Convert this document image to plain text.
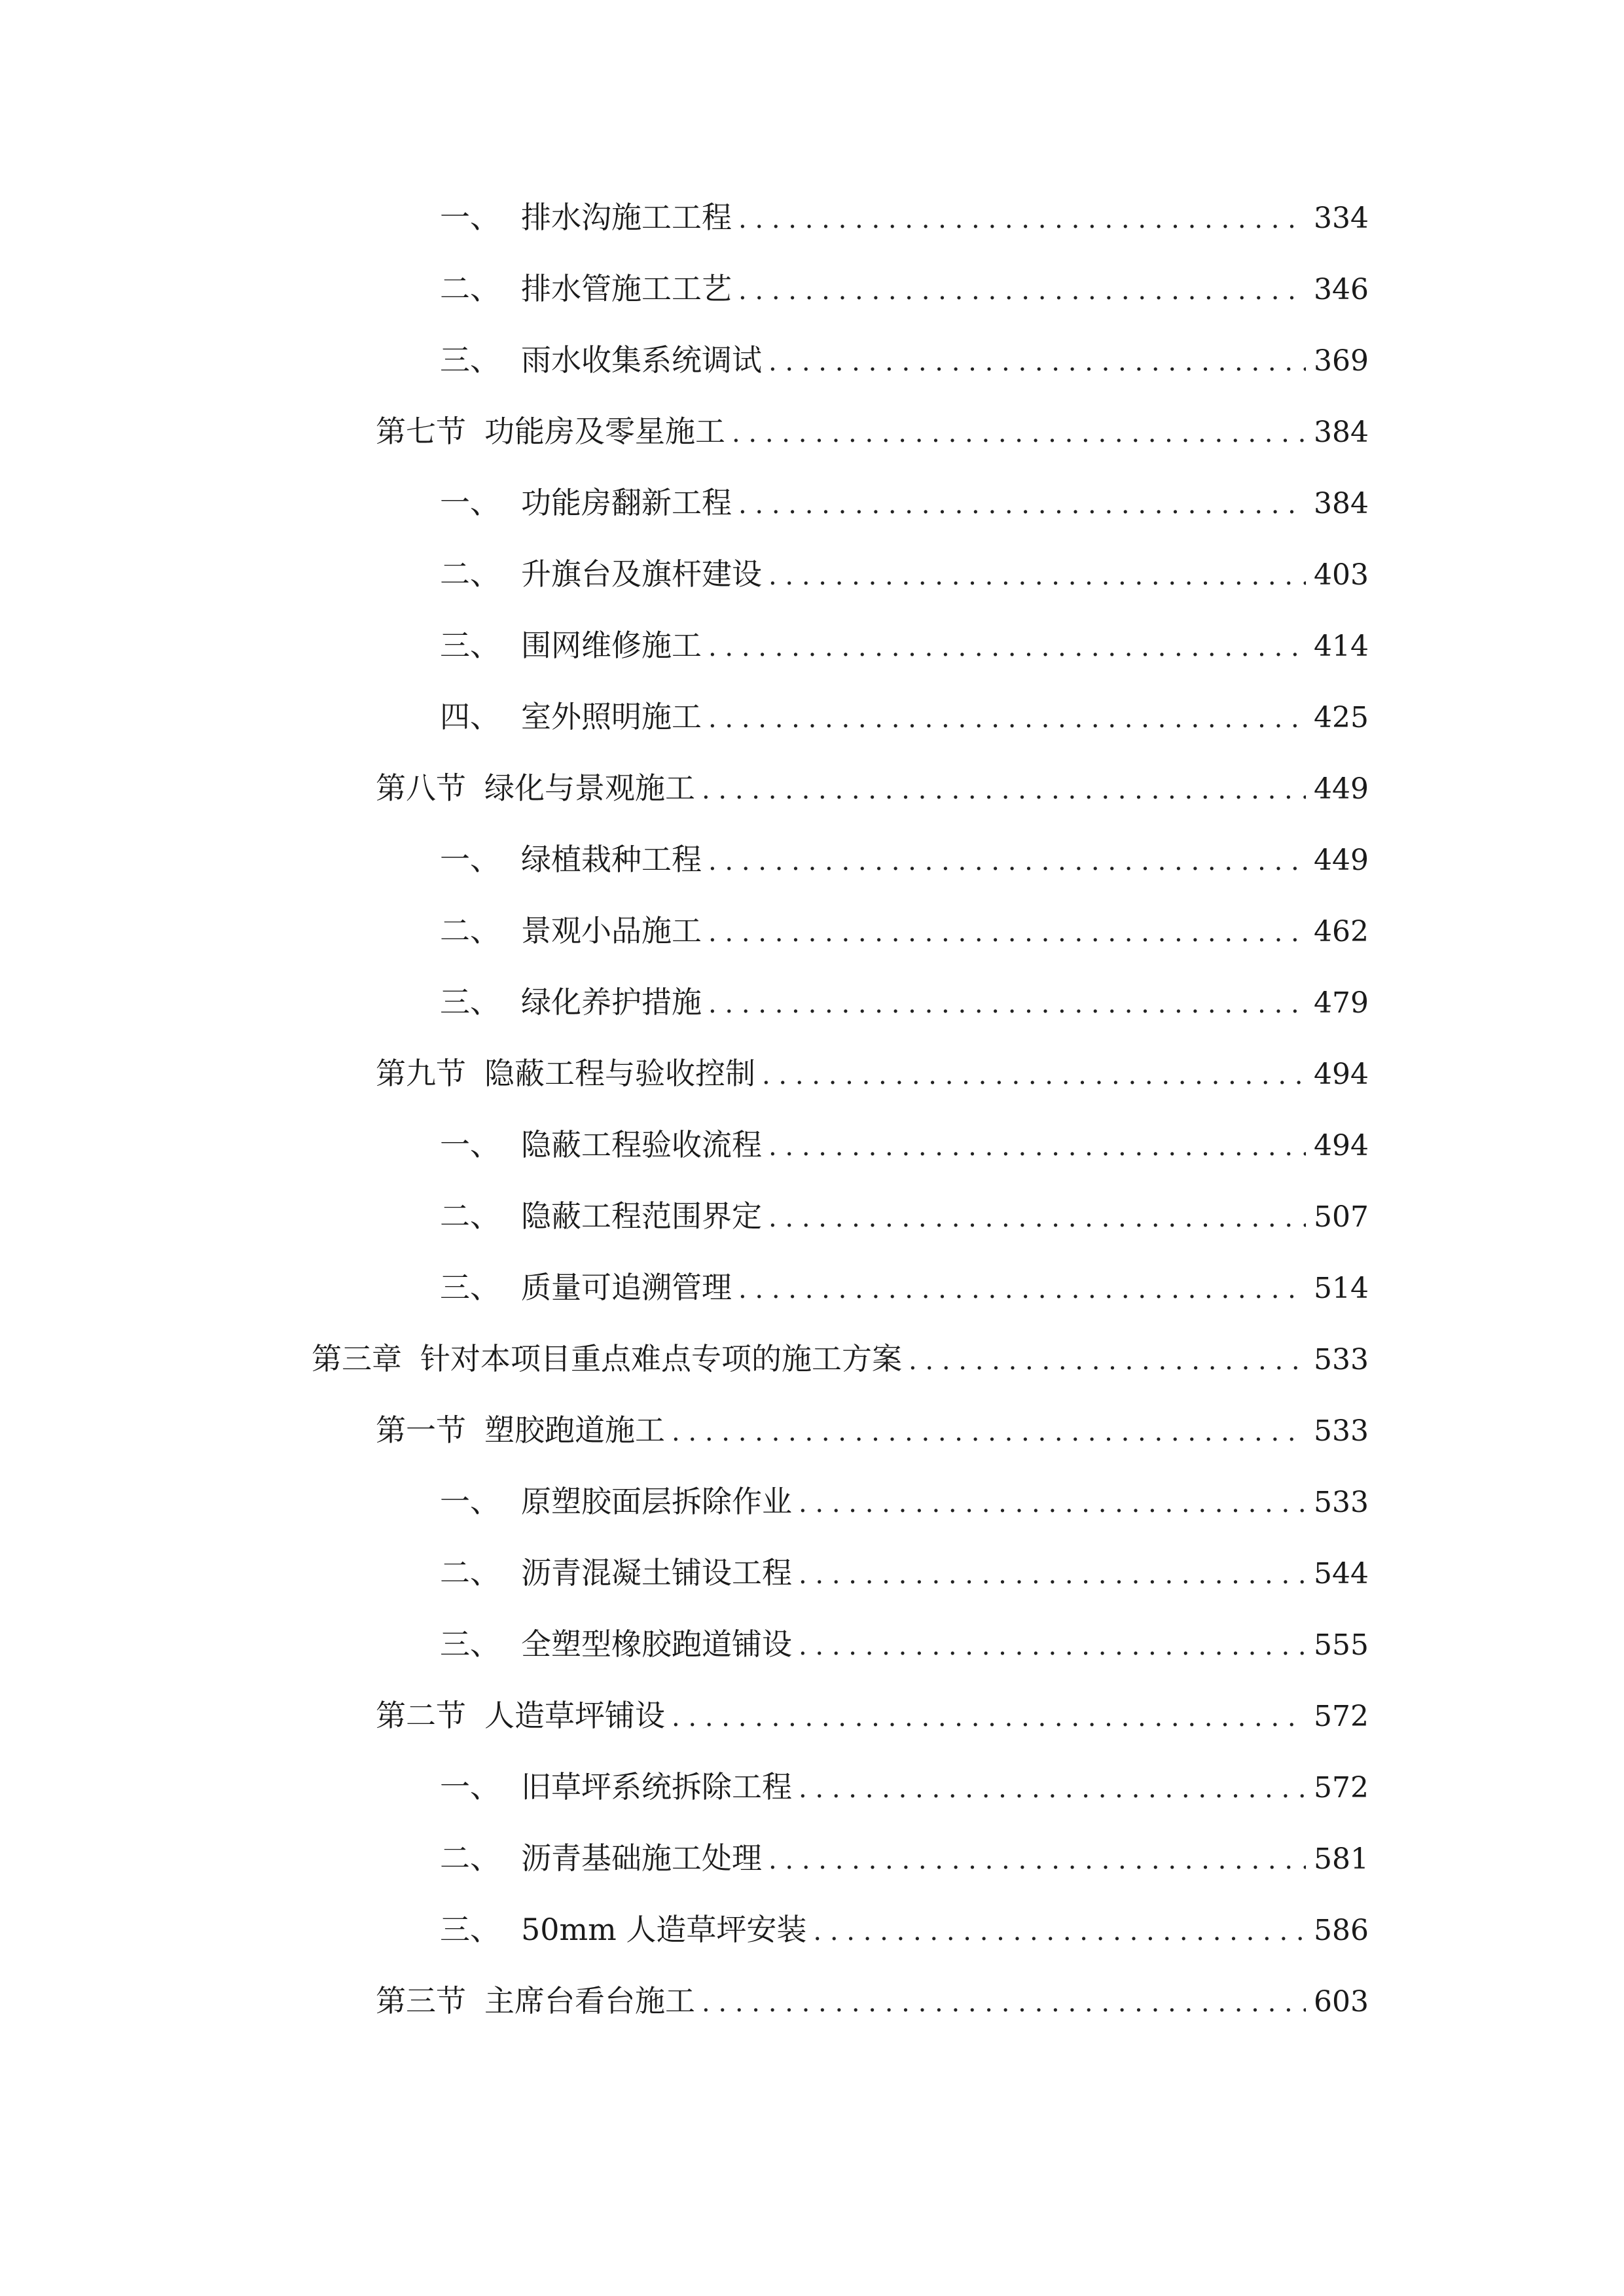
一、 排水沟施工工程 . . .	334
二、 排水管施工工艺 . . .	346
三、 雨水收集系统调试 . . .	369
第七节 功能房及零星施工 . . .	384
一、 功能房翻新工程 . . .	384
二、 升旗台及旗杆建设 . . .	403
三、 围网维修施工 . . .	414
四、 室外照明施工 . . .	425
第八节 绿化与景观施工 . . .	449
一、 绿植栽种工程 . . .	449
二、 景观小品施工 . . .	462
三、 绿化养护措施 . . .	479
第九节 隐蔽工程与验收控制 . . .	494
一、 隐蔽工程验收流程 . . .	494
二、 隐蔽工程范围界定 . . .	507
三、 质量可追溯管理 . . .	514
第三章 针对本项目重点难点专项的施工方案 . . .	533
第一节 塑胶跑道施工 . . .	533
一、 原塑胶面层拆除作业 . . .	533
二、 沥青混凝土铺设工程 . . .	544
三、 全塑型橡胶跑道铺设 . . .	555
第二节 人造草坪铺设 . . .	572
一、 旧草坪系统拆除工程 . . .	572
二、 沥青基础施工处理 . . .	581
三、 50mm 人造草坪安装 . . .	586
第三节 主席台看台施工 . . .	603
